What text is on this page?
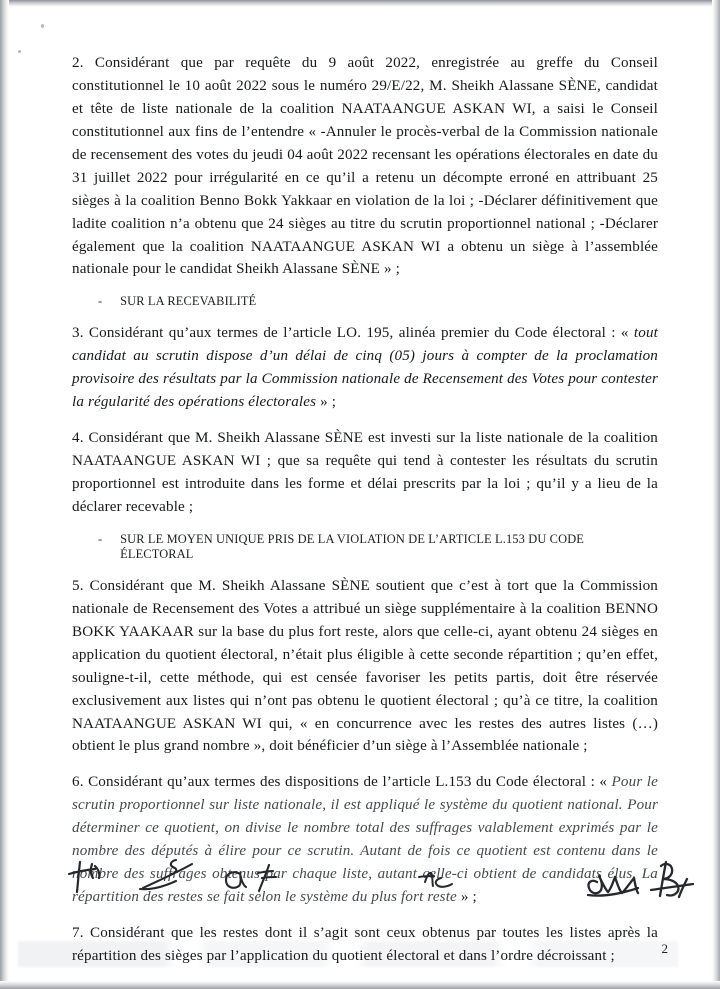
2. Considérant que par requête du 9 août 2022, enregistrée au greffe du Conseil constitutionnel le 10 août 2022 sous le numéro 29/E/22, M. Sheikh Alassane SÈNE, candidat et tête de liste nationale de la coalition NAATAANGUE ASKAN WI, a saisi le Conseil constitutionnel aux fins de l’entendre « -Annuler le procès-verbal de la Commission nationale de recensement des votes du jeudi 04 août 2022 recensant les opérations électorales en date du 31 juillet 2022 pour irrégularité en ce qu’il a retenu un décompte erroné en attribuant 25 sièges à la coalition Benno Bokk Yakkaar en violation de la loi ; -Déclarer définitivement que ladite coalition n’a obtenu que 24 sièges au titre du scrutin proportionnel national ; -Déclarer également que la coalition NAATAANGUE ASKAN WI a obtenu un siège à l’assemblée nationale pour le candidat Sheikh Alassane SÈNE » ;

- SUR LA RECEVABILITÉ

3. Considérant qu’aux termes de l’article LO. 195, alinéa premier du Code électoral : « tout candidat au scrutin dispose d’un délai de cinq (05) jours à compter de la proclamation provisoire des résultats par la Commission nationale de Recensement des Votes pour contester la régularité des opérations électorales » ;

4. Considérant que M. Sheikh Alassane SÈNE est investi sur la liste nationale de la coalition NAATAANGUE ASKAN WI ; que sa requête qui tend à contester les résultats du scrutin proportionnel est introduite dans les forme et délai prescrits par la loi ; qu’il y a lieu de la déclarer recevable ;

- SUR LE MOYEN UNIQUE PRIS DE LA VIOLATION DE L’ARTICLE L.153 DU CODE ÉLECTORAL

5. Considérant que M. Sheikh Alassane SÈNE soutient que c’est à tort que la Commission nationale de Recensement des Votes a attribué un siège supplémentaire à la coalition BENNO BOKK YAAKAAR sur la base du plus fort reste, alors que celle-ci, ayant obtenu 24 sièges en application du quotient électoral, n’était plus éligible à cette seconde répartition ; qu’en effet, souligne-t-il, cette méthode, qui est censée favoriser les petits partis, doit être réservée exclusivement aux listes qui n’ont pas obtenu le quotient électoral ; qu’à ce titre, la coalition NAATAANGUE ASKAN WI qui, « en concurrence avec les restes des autres listes (…) obtient le plus grand nombre », doit bénéficier d’un siège à l’Assemblée nationale ;

6. Considérant qu’aux termes des dispositions de l’article L.153 du Code électoral : « Pour le scrutin proportionnel sur liste nationale, il est appliqué le système du quotient national. Pour déterminer ce quotient, on divise le nombre total des suffrages valablement exprimés par le nombre des députés à élire pour ce scrutin. Autant de fois ce quotient est contenu dans le nombre des suffrages obtenus par chaque liste, autant celle-ci obtient de candidats élus. La répartition des restes se fait selon le système du plus fort reste » ;

7. Considérant que les restes dont il s’agit sont ceux obtenus par toutes les listes après la répartition des sièges par l’application du quotient électoral et dans l’ordre décroissant ;	2
